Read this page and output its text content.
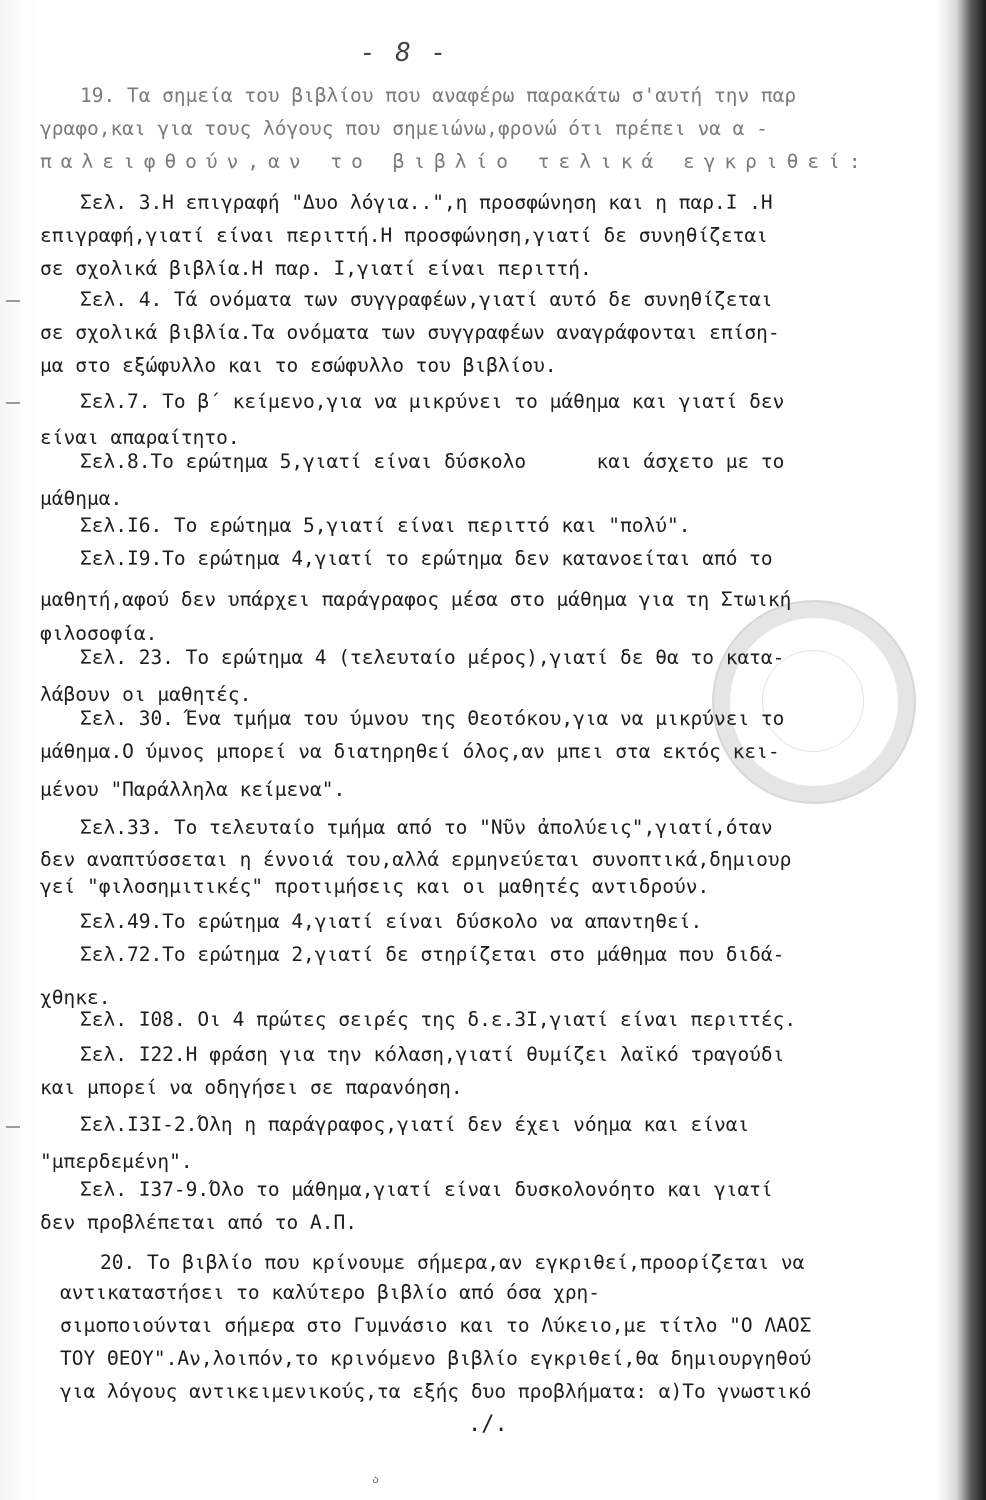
- 8 -
19. Τα σημεία του βιβλίου που αναφέρω παρακάτω σ'αυτή την παρ
γραφο,και για τους λόγους που σημειώνω,φρονώ ότι πρέπει να α -
παλειφθούν,αν το βιβλίο τελικά εγκριθεί:
Σελ. 3.Η επιγραφή "Δυο λόγια..",η προσφώνηση και η παρ.Ι .Η
επιγραφή,γιατί είναι περιττή.Η προσφώνηση,γιατί δε συνηθίζεται
σε σχολικά βιβλία.Η παρ. Ι,γιατί είναι περιττή.
Σελ. 4. Τά ονόματα των συγγραφέων,γιατί αυτό δε συνηθίζεται
σε σχολικά βιβλία.Τα ονόματα των συγγραφέων αναγράφονται επίση-
μα στο εξώφυλλο και το εσώφυλλο του βιβλίου.
Σελ.7. Το β΄ κείμενο,για να μικρύνει το μάθημα και γιατί δεν
είναι απαραίτητο.
Σελ.8.Το ερώτημα 5,γιατί είναι δύσκολο      και άσχετο με το
μάθημα.
Σελ.Ι6. Το ερώτημα 5,γιατί είναι περιττό και "πολύ".
Σελ.Ι9.Το ερώτημα 4,γιατί το ερώτημα δεν κατανοείται από το
μαθητή,αφού δεν υπάρχει παράγραφος μέσα στο μάθημα για τη Στωική
φιλοσοφία.
Σελ. 23. Το ερώτημα 4 (τελευταίο μέρος),γιατί δε θα το κατα-
λάβουν οι μαθητές.
Σελ. 30. Ένα τμήμα του ύμνου της Θεοτόκου,για να μικρύνει το
μάθημα.Ο ύμνος μπορεί να διατηρηθεί όλος,αν μπει στα εκτός κει-
μένου "Παράλληλα κείμενα".
Σελ.33. Το τελευταίο τμήμα από το "Νῦν ἀπολύεις",γιατί,όταν
δεν αναπτύσσεται η έννοιά του,αλλά ερμηνεύεται συνοπτικά,δημιουρ
γεί "φιλοσημιτικές" προτιμήσεις και οι μαθητές αντιδρούν.
Σελ.49.Το ερώτημα 4,γιατί είναι δύσκολο να απαντηθεί.
Σελ.72.Το ερώτημα 2,γιατί δε στηρίζεται στο μάθημα που διδά-
χθηκε.
Σελ. Ι08. Οι 4 πρώτες σειρές της δ.ε.3Ι,γιατί είναι περιττές.
Σελ. Ι22.Η φράση για την κόλαση,γιατί θυμίζει λαϊκό τραγούδι
και μπορεί να οδηγήσει σε παρανόηση.
Σελ.Ι3Ι-2.Όλη η παράγραφος,γιατί δεν έχει νόημα και είναι
"μπερδεμένη".
Σελ. Ι37-9.Όλο το μάθημα,γιατί είναι δυσκολονόητο και γιατί
δεν προβλέπεται από το Α.Π.
20. Το βιβλίο που κρίνουμε σήμερα,αν εγκριθεί,προορίζεται να
αντικαταστήσει το καλύτερο βιβλίο από όσα χρη-
σιμοποιούνται σήμερα στο Γυμνάσιο και το Λύκειο,με τίτλο "Ο ΛΑΟΣ
ΤΟΥ ΘΕΟΥ".Αν,λοιπόν,το κρινόμενο βιβλίο εγκριθεί,θα δημιουργηθού
για λόγους αντικειμενικούς,τα εξής δυο προβλήματα: α)Το γνωστικό
./.
ა
